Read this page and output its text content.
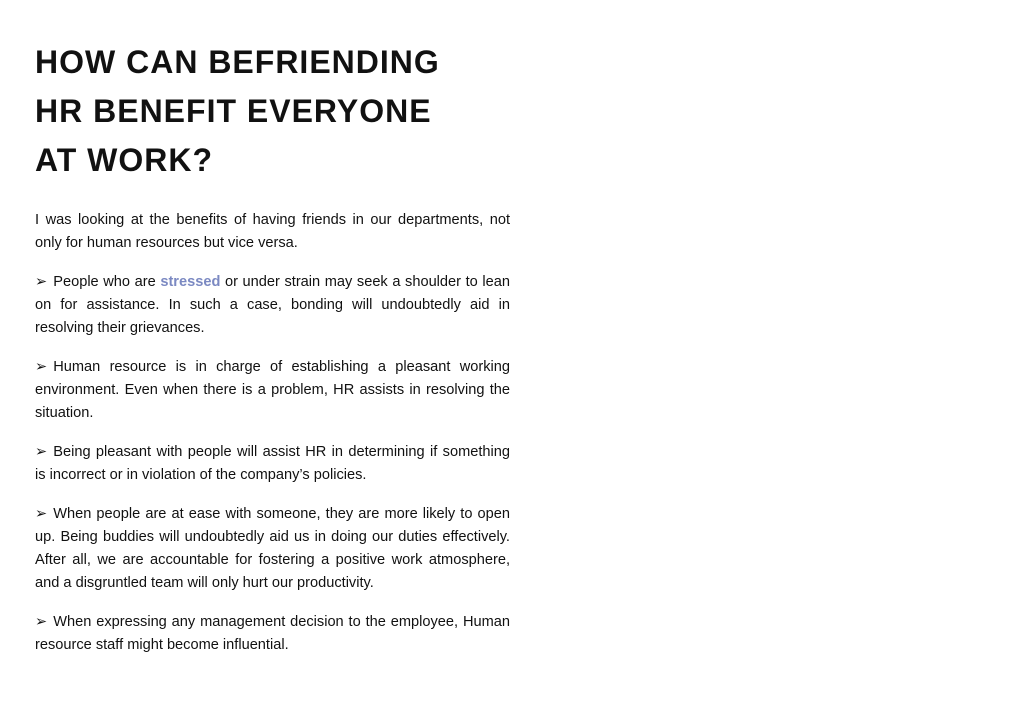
HOW CAN BEFRIENDING
HR BENEFIT EVERYONE
AT WORK?

I was looking at the benefits of having friends in our departments, not only for human resources but vice versa.

➢ People who are stressed or under strain may seek a shoulder to lean on for assistance. In such a case, bonding will undoubtedly aid in resolving their grievances.

➢ Human resource is in charge of establishing a pleasant working environment. Even when there is a problem, HR assists in resolving the situation.

➢ Being pleasant with people will assist HR in determining if something is incorrect or in violation of the company’s policies.

➢ When people are at ease with someone, they are more likely to open up. Being buddies will undoubtedly aid us in doing our duties effectively. After all, we are accountable for fostering a positive work atmosphere, and a disgruntled team will only hurt our productivity.

➢ When expressing any management decision to the employee, Human resource staff might become influential.
